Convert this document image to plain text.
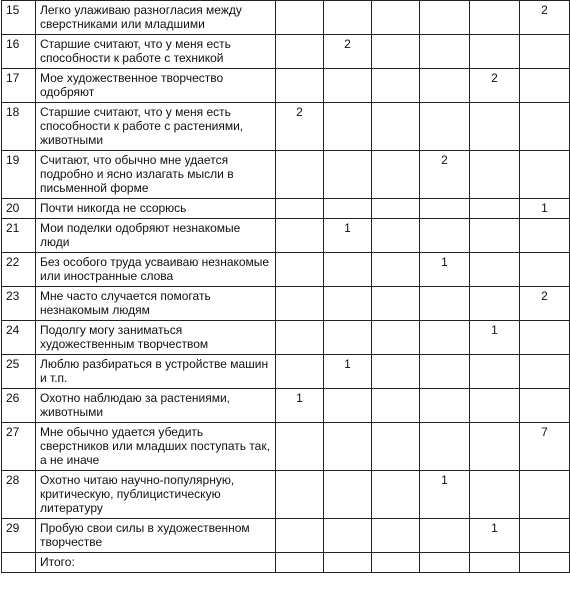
15	Легко улаживаю разногласия между сверстниками или младшими						2
16	Старшие считают, что у меня есть способности к работе с техникой		2				
17	Мое художественное творчество одобряют					2	
18	Старшие считают, что у меня есть способности к работе с растениями, животными	2					
19	Считают, что обычно мне удается подробно и ясно излагать мысли в письменной форме				2		
20	Почти никогда не ссорюсь						1
21	Мои поделки одобряют незнакомые люди		1				
22	Без особого труда усваиваю незнакомые или иностранные слова				1		
23	Мне часто случается помогать незнакомым людям						2
24	Подолгу могу заниматься художественным творчеством					1	
25	Люблю разбираться в устройстве машин и т.п.		1				
26	Охотно наблюдаю за растениями, животными	1					
27	Мне обычно удается убедить сверстников или младших поступать так, а не иначе						7
28	Охотно читаю научно-популярную, критическую, публицистическую литературу				1		
29	Пробую свои силы в художественном творчестве					1	
	Итого:						
